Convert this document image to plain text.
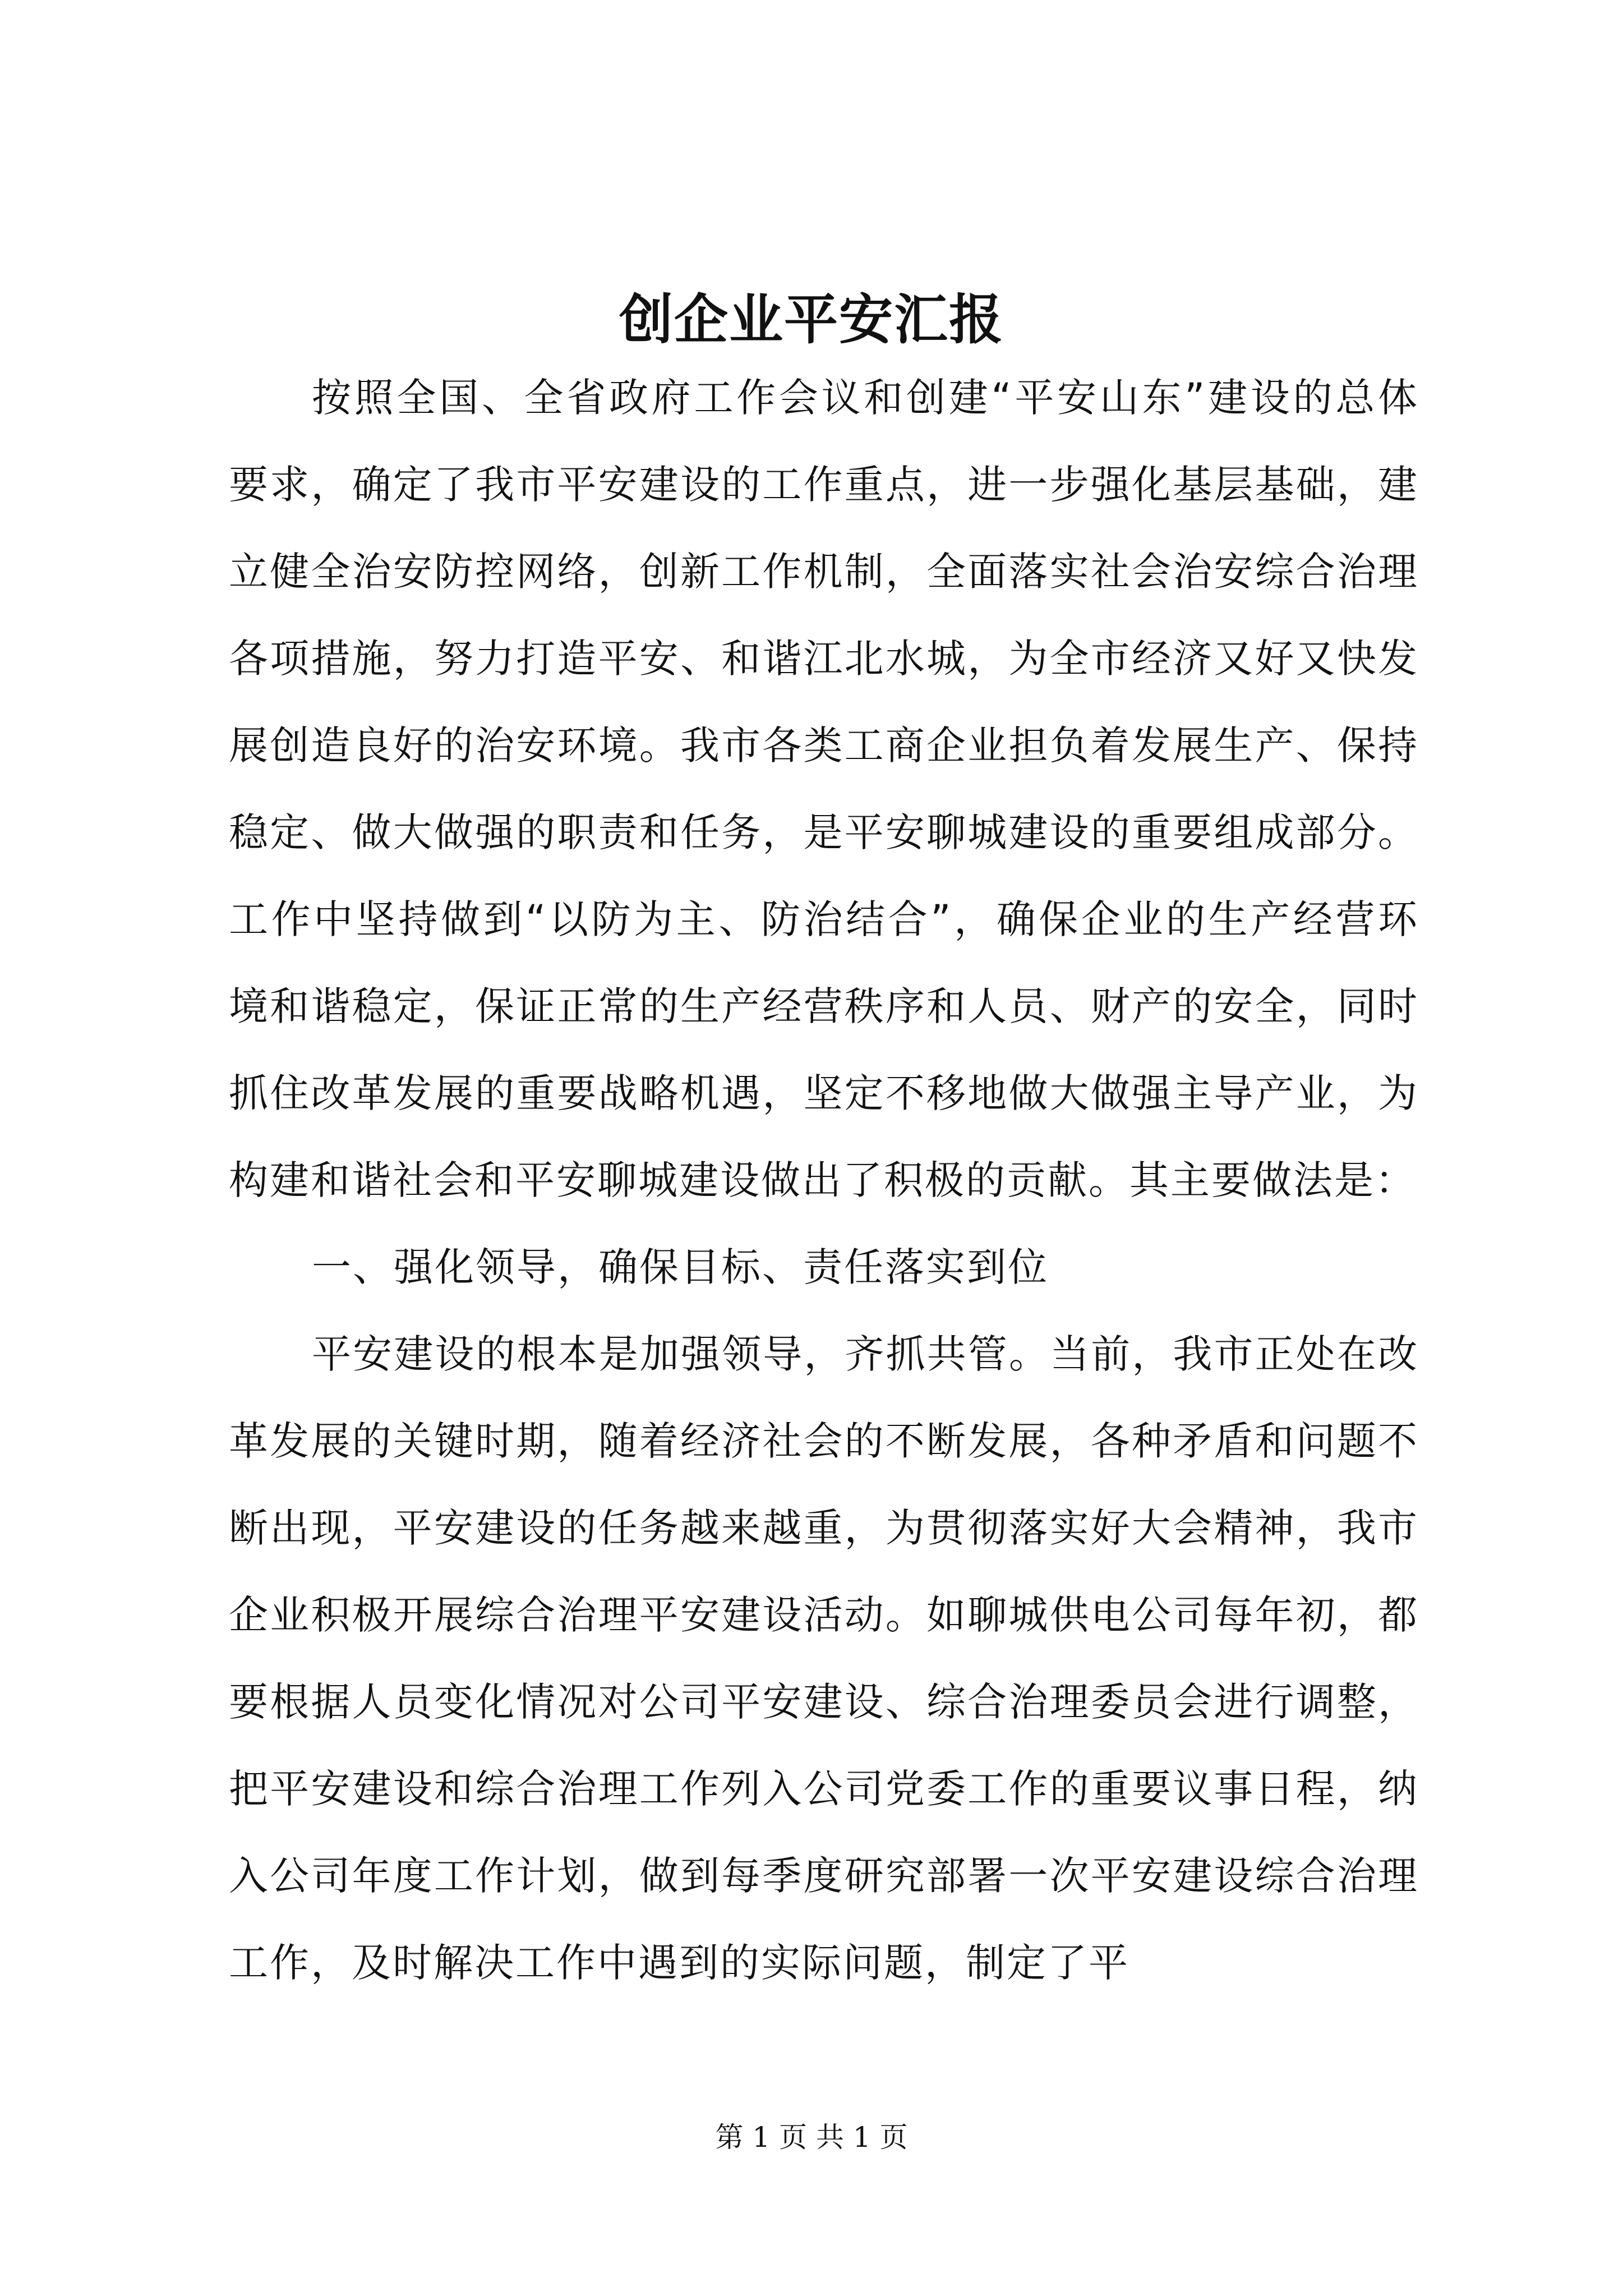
创企业平安汇报

按照全国、全省政府工作会议和创建“平安山东”建设的总体要求，确定了我市平安建设的工作重点，进一步强化基层基础，建立健全治安防控网络，创新工作机制，全面落实社会治安综合治理各项措施，努力打造平安、和谐江北水城，为全市经济又好又快发展创造良好的治安环境。我市各类工商企业担负着发展生产、保持稳定、做大做强的职责和任务，是平安聊城建设的重要组成部分。工作中坚持做到“以防为主、防治结合”，确保企业的生产经营环境和谐稳定，保证正常的生产经营秩序和人员、财产的安全，同时抓住改革发展的重要战略机遇，坚定不移地做大做强主导产业，为构建和谐社会和平安聊城建设做出了积极的贡献。其主要做法是：

一、强化领导，确保目标、责任落实到位

平安建设的根本是加强领导，齐抓共管。当前，我市正处在改革发展的关键时期，随着经济社会的不断发展，各种矛盾和问题不断出现，平安建设的任务越来越重，为贯彻落实好大会精神，我市企业积极开展综合治理平安建设活动。如聊城供电公司每年初，都要根据人员变化情况对公司平安建设、综合治理委员会进行调整，把平安建设和综合治理工作列入公司党委工作的重要议事日程，纳入公司年度工作计划，做到每季度研究部署一次平安建设综合治理工作，及时解决工作中遇到的实际问题，制定了平

第 1 页 共 1 页
